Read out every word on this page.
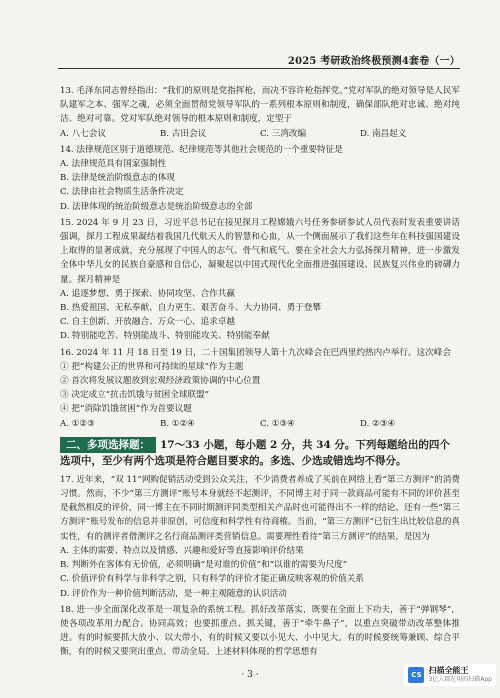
2025 考研政治终极预测4套卷（一）
13. 毛泽东同志曾经指出：“我们的原则是党指挥枪，而决不容许枪指挥党。”党对军队的绝对领导是人民军队建军之本、强军之魂，必须全面贯彻党领导军队的一系列根本原则和制度，确保部队绝对忠诚、绝对纯洁、绝对可靠。党对军队绝对领导的根本原则和制度，定型于
A. 八七会议	B. 古田会议	C. 三湾改编	D. 南昌起义
14. 法律规范区别于道德规范、纪律规范等其他社会规范的一个重要特征是
A. 法律规范具有国家强制性
B. 法律是统治阶级意志的体现
C. 法律由社会物质生活条件决定
D. 法律体现的统治阶级意志是统治阶级意志的全部
15. 2024 年 9 月 23 日，习近平总书记在接见探月工程嫦娥六号任务参研参试人员代表时发表重要讲话强调，探月工程成果凝结着我国几代航天人的智慧和心血，从一个侧面展示了我们这些年在科技强国建设上取得的显著成就，充分展现了中国人的志气、骨气和底气。要在全社会大力弘扬探月精神，进一步激发全体中华儿女的民族自豪感和自信心，凝聚起以中国式现代化全面推进强国建设、民族复兴伟业的磅礴力量。探月精神是
A. 追逐梦想、勇于探索、协同攻坚、合作共赢
B. 热爱祖国、无私奉献、自力更生、艰苦奋斗、大力协同、勇于登攀
C. 自主创新、开放融合、万众一心、追求卓越
D. 特别能吃苦、特别能战斗、特别能攻关、特别能奉献
16. 2024 年 11 月 18 日至 19 日，二十国集团领导人第十九次峰会在巴西里约热内卢举行。这次峰会
① 把“构建公正的世界和可持续的星球”作为主题
② 首次将发展议题放到宏观经济政策协调的中心位置
③ 决定成立“抗击饥饿与贫困全球联盟”
④ 把“消除饥饿贫困”作为首要议题
A. ①②③	B. ①②④	C. ①③④	D. ②③④
二、多项选择题： 17～33 小题，每小题 2 分，共 34 分。下列每题给出的四个选项中，至少有两个选项是符合题目要求的。多选、少选或错选均不得分。
17. 近年来，“双 11”网购促销活动受到公众关注，不少消费者养成了买前在网络上看“第三方测评”的消费习惯。然而，不少“第三方测评”账号本身就经不起测评，不同博主对于同一款商品可能有不同的评价甚至是截然相反的评价，同一博主在不同时期测评同类型相关产品时也可能得出不一样的结论。还有一些“第三方测评”账号发布的信息并非原创，可信度和科学性有待商榷。当前，“第三方测评”已衍生出比较信息的真实性，有的测评者借测评之名行商品测评类营销信息。需要理性看待“第三方测评”的结果，是因为
A. 主体的需要、特点以及情感、兴趣和爱好等直接影响评价结果
B. 判断外在客体有无价值，必须明确“是对谁的价值”和“以谁的需要为尺度”
C. 价值评价有科学与非科学之别，只有科学的评价才能正确反映客观的价值关系
D. 评价作为一种价值判断活动，是一种主观随意的认识活动
18. 进一步全面深化改革是一项复杂的系统工程。抓好改革落实，既要在全面上下功夫，善于“弹钢琴”，使各项改革用力配合、协同高效；也要抓重点、抓关键，善于“牵牛鼻子”，以重点突破带动改革整体推进。有的时候要抓大放小、以大带小，有的时候又要以小见大、小中见大。有的时候要统筹兼顾、综合平衡，有的时候又要突出重点、带动全局。上述材料体现的哲学思想有
· 3 ·	CS 扫描全能王
3亿人都在用的扫描App
